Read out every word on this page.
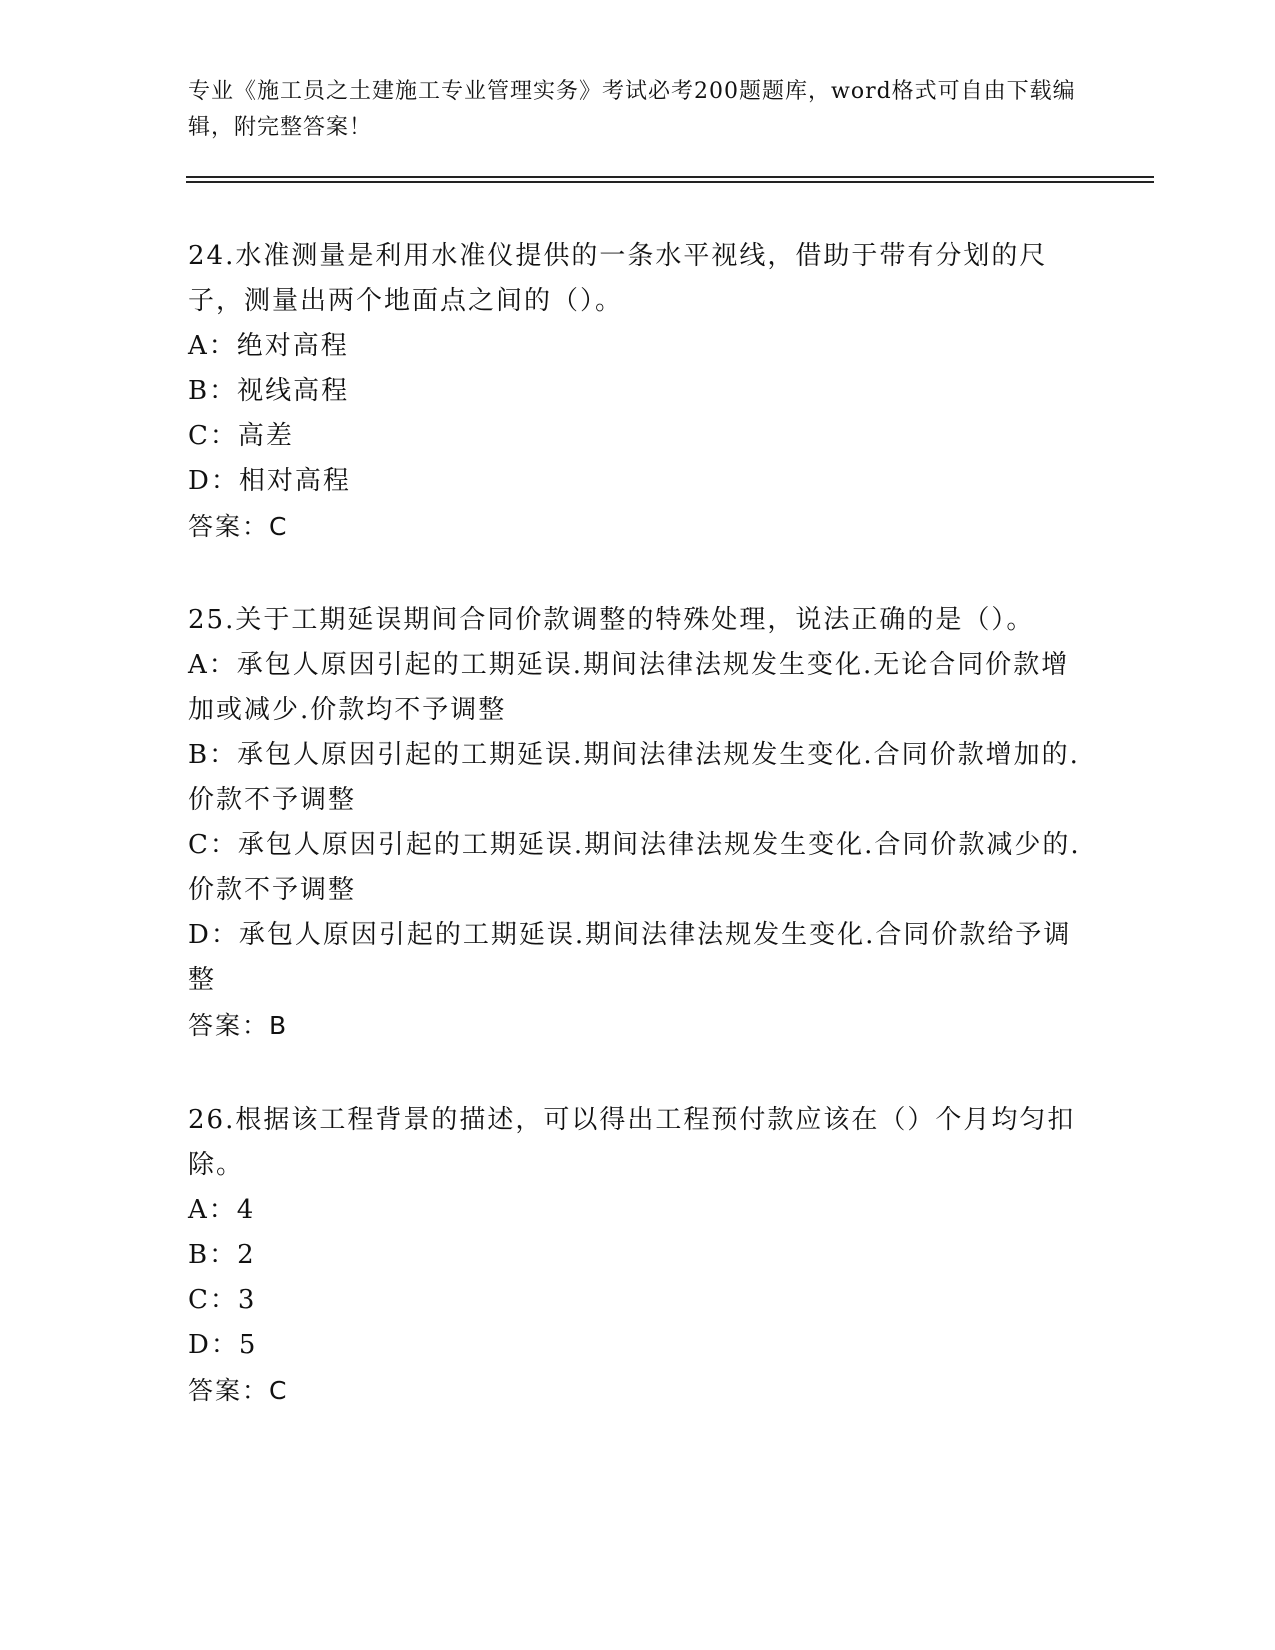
专业《施工员之土建施工专业管理实务》考试必考200题题库，word格式可自由下载编辑，附完整答案！

24.水准测量是利用水准仪提供的一条水平视线，借助于带有分划的尺子，测量出两个地面点之间的（）。

A：绝对高程

B：视线高程

C：高差

D：相对高程

答案：C

25.关于工期延误期间合同价款调整的特殊处理，说法正确的是（）。

A：承包人原因引起的工期延误.期间法律法规发生变化.无论合同价款增加或减少.价款均不予调整

B：承包人原因引起的工期延误.期间法律法规发生变化.合同价款增加的.价款不予调整

C：承包人原因引起的工期延误.期间法律法规发生变化.合同价款减少的.价款不予调整

D：承包人原因引起的工期延误.期间法律法规发生变化.合同价款给予调整

答案：B

26.根据该工程背景的描述，可以得出工程预付款应该在（）个月均匀扣除。

A：4

B：2

C：3

D：5

答案：C
